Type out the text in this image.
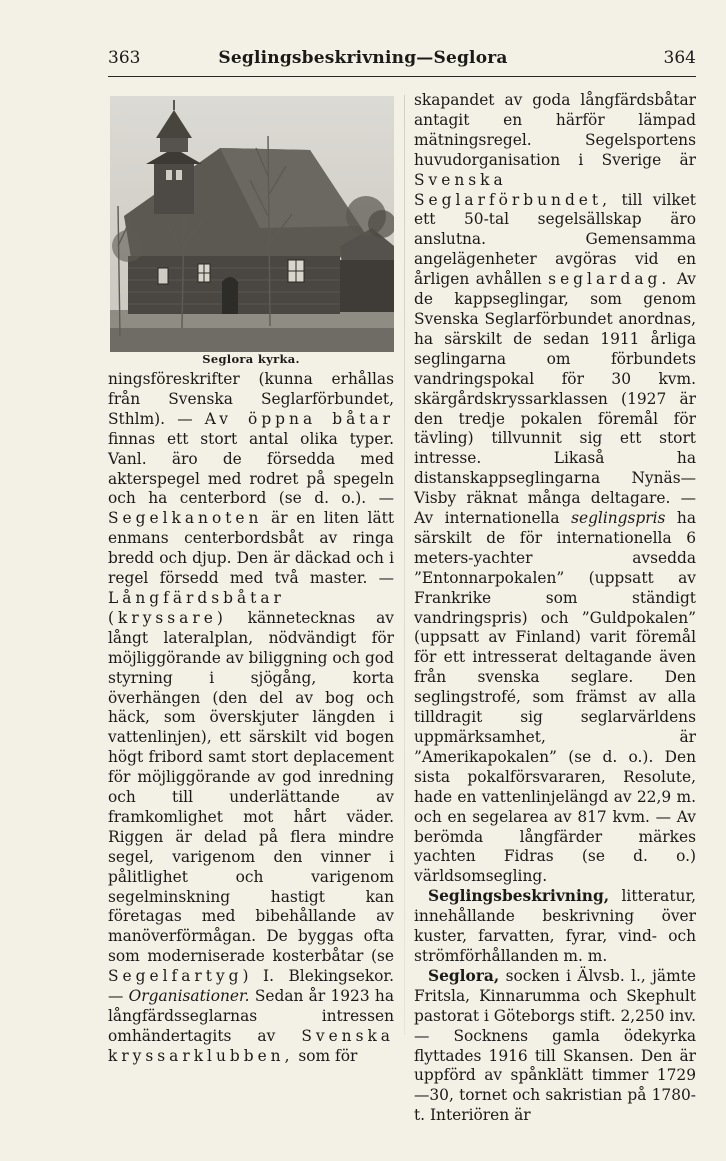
363	Seglingsbeskrivning—Seglora	364
Seglora kyrka.

ningsföreskrifter (kunna erhållas från Svenska Seglarförbundet, Sthlm). — Av öppna båtar finnas ett stort antal olika typer. Vanl. äro de försedda med akterspegel med rodret på spegeln och ha centerbord (se d. o.). — Segelkanoten är en liten lätt enmans centerbordsbåt av ringa bredd och djup. Den är däckad och i regel försedd med två master. — Långfärdsbåtar (kryssare) kännetecknas av långt lateralplan, nödvändigt för möjliggörande av biliggning och god styrning i sjögång, korta överhängen (den del av bog och häck, som överskjuter längden i vattenlinjen), ett särskilt vid bogen högt fribord samt stort deplacement för möjliggörande av god inredning och till underlättande av framkomlighet mot hårt väder. Riggen är delad på flera mindre segel, varigenom den vinner i pålitlighet och varigenom segelminskning hastigt kan företagas med bibehållande av manöverförmågan. De byggas ofta som moderniserade kosterbåtar (se Segelfartyg) I. Blekingsekor. — Organisationer. Sedan år 1923 ha långfärdsseglarnas intressen omhändertagits av Svenska kryssarklubben, som för

skapandet av goda långfärdsbåtar antagit en härför lämpad mätningsregel. Segelsportens huvudorganisation i Sverige är Svenska Seglarförbundet, till vilket ett 50-tal segelsällskap äro anslutna. Gemensamma angelägenheter avgöras vid en årligen avhållen seglardag. Av de kappseglingar, som genom Svenska Seglarförbundet anordnas, ha särskilt de sedan 1911 årliga seglingarna om förbundets vandringspokal för 30 kvm. skärgårdskryssarklassen (1927 är den tredje pokalen föremål för tävling) tillvunnit sig ett stort intresse. Likaså ha distanskappseglingarna Nynäs—Visby räknat många deltagare. — Av internationella seglingspris ha särskilt de för internationella 6 meters-yachter avsedda ”Entonnarpokalen” (uppsatt av Frankrike som ständigt vandringspris) och ”Guldpokalen” (uppsatt av Finland) varit föremål för ett intresserat deltagande även från svenska seglare. Den seglingstrofé, som främst av alla tilldragit sig seglarvärldens uppmärksamhet, är ”Amerikapokalen” (se d. o.). Den sista pokalförsvararen, Resolute, hade en vattenlinjelängd av 22,9 m. och en segelarea av 817 kvm. — Av berömda långfärder märkes yachten Fidras (se d. o.) världsomsegling.

Seglingsbeskrivning, litteratur, innehållande beskrivning över kuster, farvatten, fyrar, vind- och strömförhållanden m. m.

Seglora, socken i Älvsb. l., jämte Fritsla, Kinnarumma och Skephult pastorat i Göteborgs stift. 2,250 inv. — Socknens gamla ödekyrka flyttades 1916 till Skansen. Den är uppförd av spånklätt timmer 1729—30, tornet och sakristian på 1780-t. Interiören är
